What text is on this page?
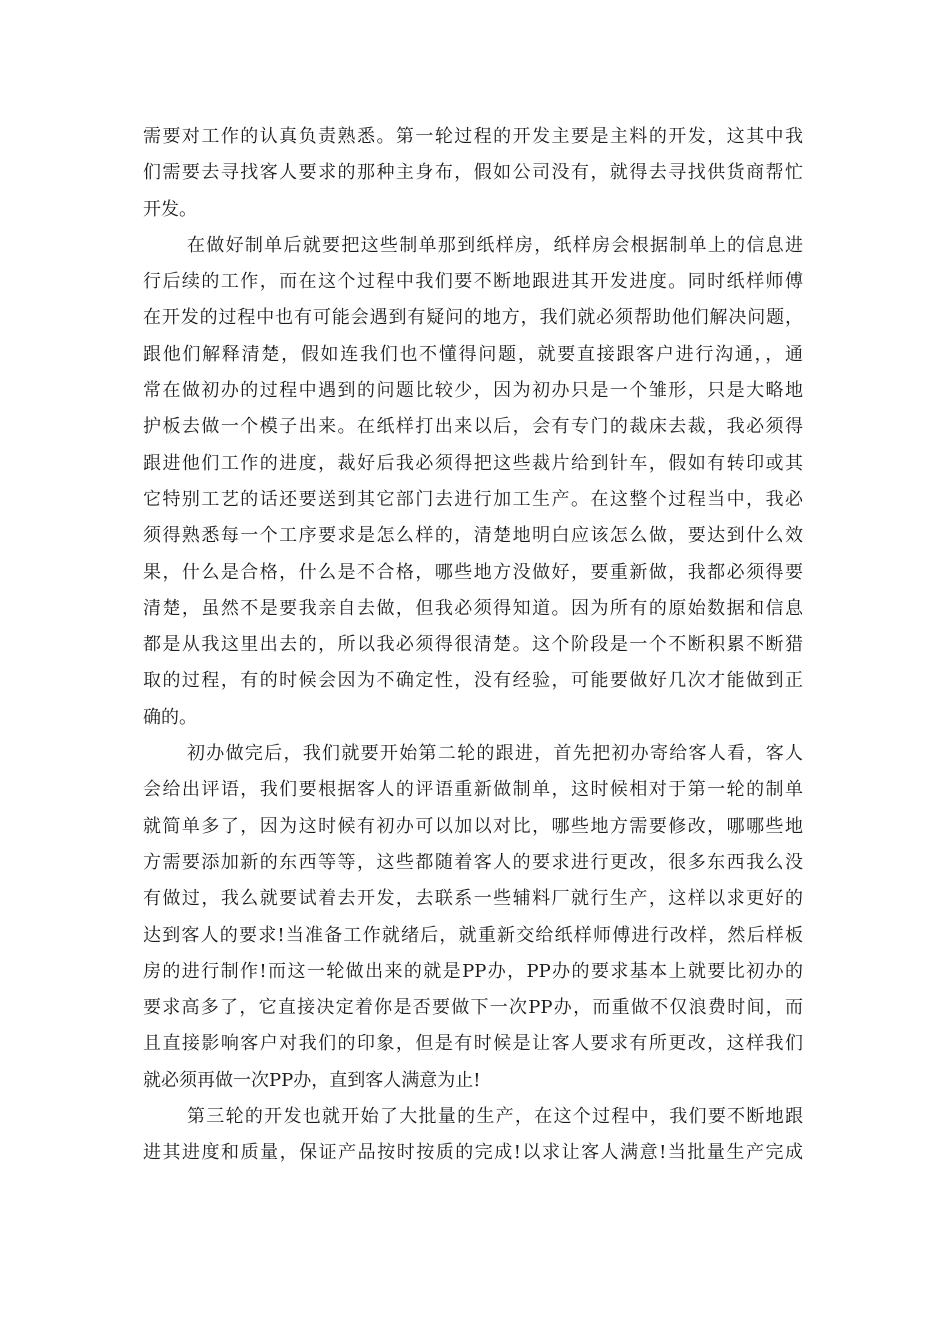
需要对工作的认真负责熟悉。第一轮过程的开发主要是主料的开发，这其中我
们需要去寻找客人要求的那种主身布，假如公司没有，就得去寻找供货商帮忙
开发。
在做好制单后就要把这些制单那到纸样房，纸样房会根据制单上的信息进
行后续的工作，而在这个过程中我们要不断地跟进其开发进度。同时纸样师傅
在开发的过程中也有可能会遇到有疑问的地方，我们就必须帮助他们解决问题，
跟他们解释清楚，假如连我们也不懂得问题，就要直接跟客户进行沟通，，通
常在做初办的过程中遇到的问题比较少，因为初办只是一个雏形，只是大略地
护板去做一个模子出来。在纸样打出来以后，会有专门的裁床去裁，我必须得
跟进他们工作的进度，裁好后我必须得把这些裁片给到针车，假如有转印或其
它特别工艺的话还要送到其它部门去进行加工生产。在这整个过程当中，我必
须得熟悉每一个工序要求是怎么样的，清楚地明白应该怎么做，要达到什么效
果，什么是合格，什么是不合格，哪些地方没做好，要重新做，我都必须得要
清楚，虽然不是要我亲自去做，但我必须得知道。因为所有的原始数据和信息
都是从我这里出去的，所以我必须得很清楚。这个阶段是一个不断积累不断猎
取的过程，有的时候会因为不确定性，没有经验，可能要做好几次才能做到正
确的。
初办做完后，我们就要开始第二轮的跟进，首先把初办寄给客人看，客人
会给出评语，我们要根据客人的评语重新做制单，这时候相对于第一轮的制单
就简单多了，因为这时候有初办可以加以对比，哪些地方需要修改，哪哪些地
方需要添加新的东西等等，这些都随着客人的要求进行更改，很多东西我么没
有做过，我么就要试着去开发，去联系一些辅料厂就行生产，这样以求更好的
达到客人的要求!当准备工作就绪后，就重新交给纸样师傅进行改样，然后样板
房的进行制作!而这一轮做出来的就是PP办，PP办的要求基本上就要比初办的
要求高多了，它直接决定着你是否要做下一次PP办，而重做不仅浪费时间，而
且直接影响客户对我们的印象，但是有时候是让客人要求有所更改，这样我们
就必须再做一次PP办，直到客人满意为止!
第三轮的开发也就开始了大批量的生产，在这个过程中，我们要不断地跟
进其进度和质量，保证产品按时按质的完成!以求让客人满意!当批量生产完成
